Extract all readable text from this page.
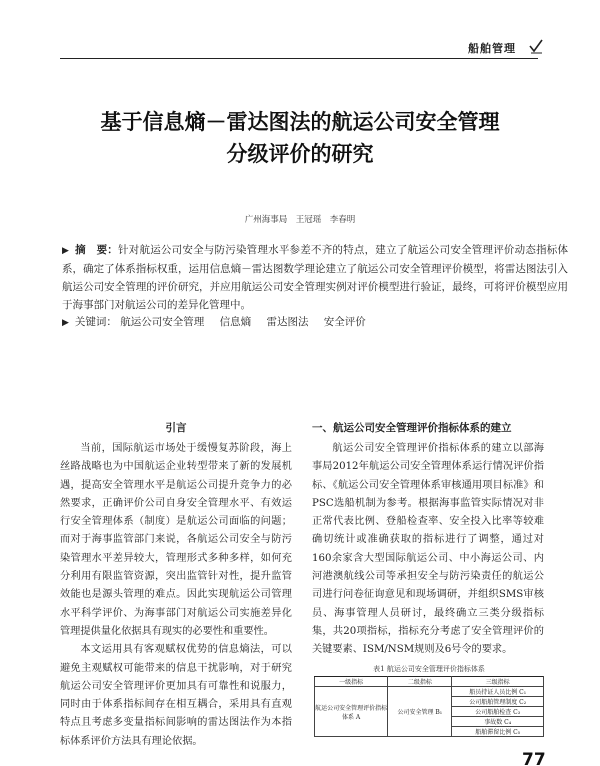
船舶管理
基于信息熵－雷达图法的航运公司安全管理
分级评价的研究
广州海事局　王冠瑶　李春明
▶ 摘　要：针对航运公司安全与防污染管理水平参差不齐的特点，建立了航运公司安全管理评价动态指标体系，确定了体系指标权重，运用信息熵－雷达图数学理论建立了航运公司安全管理评价模型，将雷达图法引入航运公司安全管理的评价研究，并应用航运公司安全管理实例对评价模型进行验证，最终，可将评价模型应用于海事部门对航运公司的差异化管理中。
▶ 关键词： 航运公司安全管理 信息熵 雷达图法 安全评价
引言

当前，国际航运市场处于缓慢复苏阶段，海上丝路战略也为中国航运企业转型带来了新的发展机遇，提高安全管理水平是航运公司提升竞争力的必然要求，正确评价公司自身安全管理水平、有效运行安全管理体系（制度）是航运公司面临的问题；而对于海事监管部门来说，各航运公司安全与防污染管理水平差异较大，管理形式多种多样，如何充分利用有限监管资源，突出监管针对性，提升监管效能也是源头管理的难点。因此实现航运公司管理水平科学评价、为海事部门对航运公司实施差异化管理提供量化依据具有现实的必要性和重要性。

本文运用具有客观赋权优势的信息熵法，可以避免主观赋权可能带来的信息干扰影响，对于研究航运公司安全管理评价更加具有可靠性和说服力，同时由于体系指标间存在相互耦合，采用具有直观特点且考虑多变量指标间影响的雷达图法作为本指标体系评价方法具有理论依据。

一、航运公司安全管理评价指标体系的建立

航运公司安全管理评价指标体系的建立以部海事局2012年航运公司安全管理体系运行情况评价指标、《航运公司安全管理体系审核通用项目标准》和PSC选船机制为参考。根据海事监管实际情况对非正常代表比例、登船检查率、安全投入比率等较难确切统计或准确获取的指标进行了调整，通过对160余家含大型国际航运公司、中小海运公司、内河港澳航线公司等承担安全与防污染责任的航运公司进行问卷征询意见和现场调研，并组织SMS审核员、海事管理人员研讨，最终确立三类分级指标集，共20项指标，指标充分考虑了安全管理评价的关键要素、ISM/NSM规则及6号令的要求。

表1 航运公司安全管理评价指标体系
一级指标	二级指标	三级指标
航运公司安全管理评价指标体系 A	公司安全管理 B₁	船员持证人员比例 C₁
		公司船舶管理制度 C₂
		公司船舶检查 C₃
		事故数 C₄
		船舶滞留比例 C₅
77
